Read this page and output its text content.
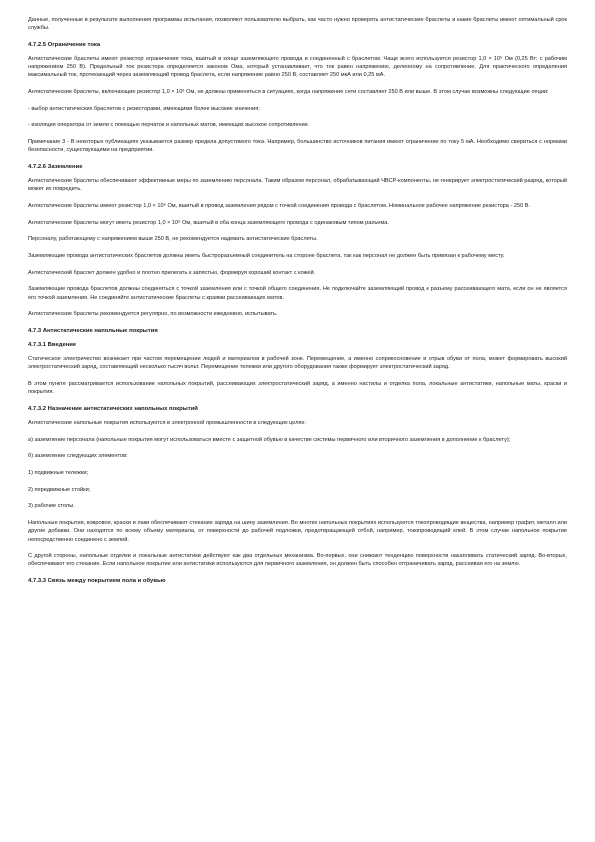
Данные, полученные в результате выполнения программы испытания, позволяют пользователю выбрать, как часто нужно проверять антистатические браслеты и какие браслеты имеют оптимальный срок службы.
4.7.2.5 Ограничение тока
Антистатические браслеты имеют резистор ограничения тока, вшитый в конце заземляющего провода и соединенный с браслетом. Чаще всего используется резистор 1,0 × 10⁶ Ом (0,25 Вт; с рабочим напряжением 250 В). Предельный ток резистора определяется законом Ома, который устанавливает, что ток равен напряжению, деленному на сопротивление. Для практического определения максимальный ток, протекающий через заземляющий провод браслета, если напряжение равно 250 В, составляет 250 мкА или 0,25 мА.
Антистатические браслеты, включающие резистор 1,0 × 10⁶ Ом, не должны применяться в ситуациях, когда напряжение сети составляет 250 В или выше. В этом случае возможны следующие опции:
- выбор антистатических браслетов с резисторами, имеющими более высокие значения;
- изоляция оператора от земли с помощью перчаток и напольных матов, имеющих высокое сопротивление.
Примечание 3 - В некоторых публикациях указывается размер предела допустимого тока. Например, большинство источников питания имеют ограничение по току 5 мА. Необходимо свериться с нормами безопасности, существующими на предприятии.
4.7.2.6 Заземление
Антистатические браслеты обеспечивают эффективные меры по заземлению персонала. Таким образом персонал, обрабатывающий ЧВСР-компоненты, не генерирует электростатический разряд, который может их повредить.
Антистатические браслеты имеют резистор 1,0 × 10⁶ Ом, вшитый в провод заземления рядом с точкой соединения провода с браслетом. Номинальное рабочее напряжение резистора - 250 В.
Антистатические браслеты могут иметь резистор 1,0 × 10⁶ Ом, вшитый в оба конца заземляющего провода с одинаковым типом разъема.
Персоналу, работающему с напряжением выше 250 В, не рекомендуется надевать антистатические браслеты.
Заземляющие провода антистатических браслетов должны иметь быстроразъемный соединитель на стороне браслета, так как персонал не должен быть привязан к рабочему месту.
Антистатический браслет должен удобно и плотно прилегать к запястью, формируя хороший контакт с кожей.
Заземляющие провода браслетов должны соединяться с точкой заземления или с точкой общего соединения. Не подключайте заземляющий провод к разъему рассеивающего мата, если он не является его точкой заземления. Не соединяйте антистатические браслеты с краями рассеивающих матов.
Антистатические браслеты рекомендуется регулярно, по возможности ежедневно, испытывать.
4.7.3 Антистатические напольные покрытия
4.7.3.1 Введение
Статическое электричество возникает при частом перемещении людей и материалов в рабочей зоне. Перемещение, а именно соприкосновение и отрыв обуви от пола, может формировать высокий электростатический заряд, составляющий несколько тысяч вольт. Перемещение тележки или другого оборудования также формирует электростатический заряд.
В этом пункте рассматривается использование напольных покрытий, рассеивающих электростатический заряд, а именно настилы и отделка пола, локальные антистатики, напольные маты, краски и покрытия.
4.7.3.2 Назначение антистатических напольных покрытий
Антистатические напольные покрытия используются в электронной промышленности в следующих целях:
а) заземление персонала (напольные покрытия могут использоваться вместе с защитной обувью в качестве системы первичного или вторичного заземления в дополнение к браслету);
б) заземление следующих элементов:
1) подвижные тележки;
2) передвижные стойки;
3) рабочие столы.
Напольные покрытия, ковровое, краски и лаки обеспечивают стекание заряда на шину заземления. Во многих напольных покрытиях используются токопроводящие вещества, например графит, металл или другие добавки. Они находятся по всему объему материала, от поверхности до рабочей подложки, предотвращающей отбой, например, токопроводящий клей. В этом случае напольное покрытие непосредственно соединено с землей.
С другой стороны, напольные отделки и локальные антистатики действуют как два отдельных механизма. Во-первых, они снижают тенденцию поверхности накапливать статический заряд. Во-вторых, обеспечивают его стекание. Если напольное покрытие или антистатики используются для первичного заземления, он должен быть способен отграничивать заряд, рассеивая его на землю.
4.7.3.3 Связь между покрытием пола и обувью
